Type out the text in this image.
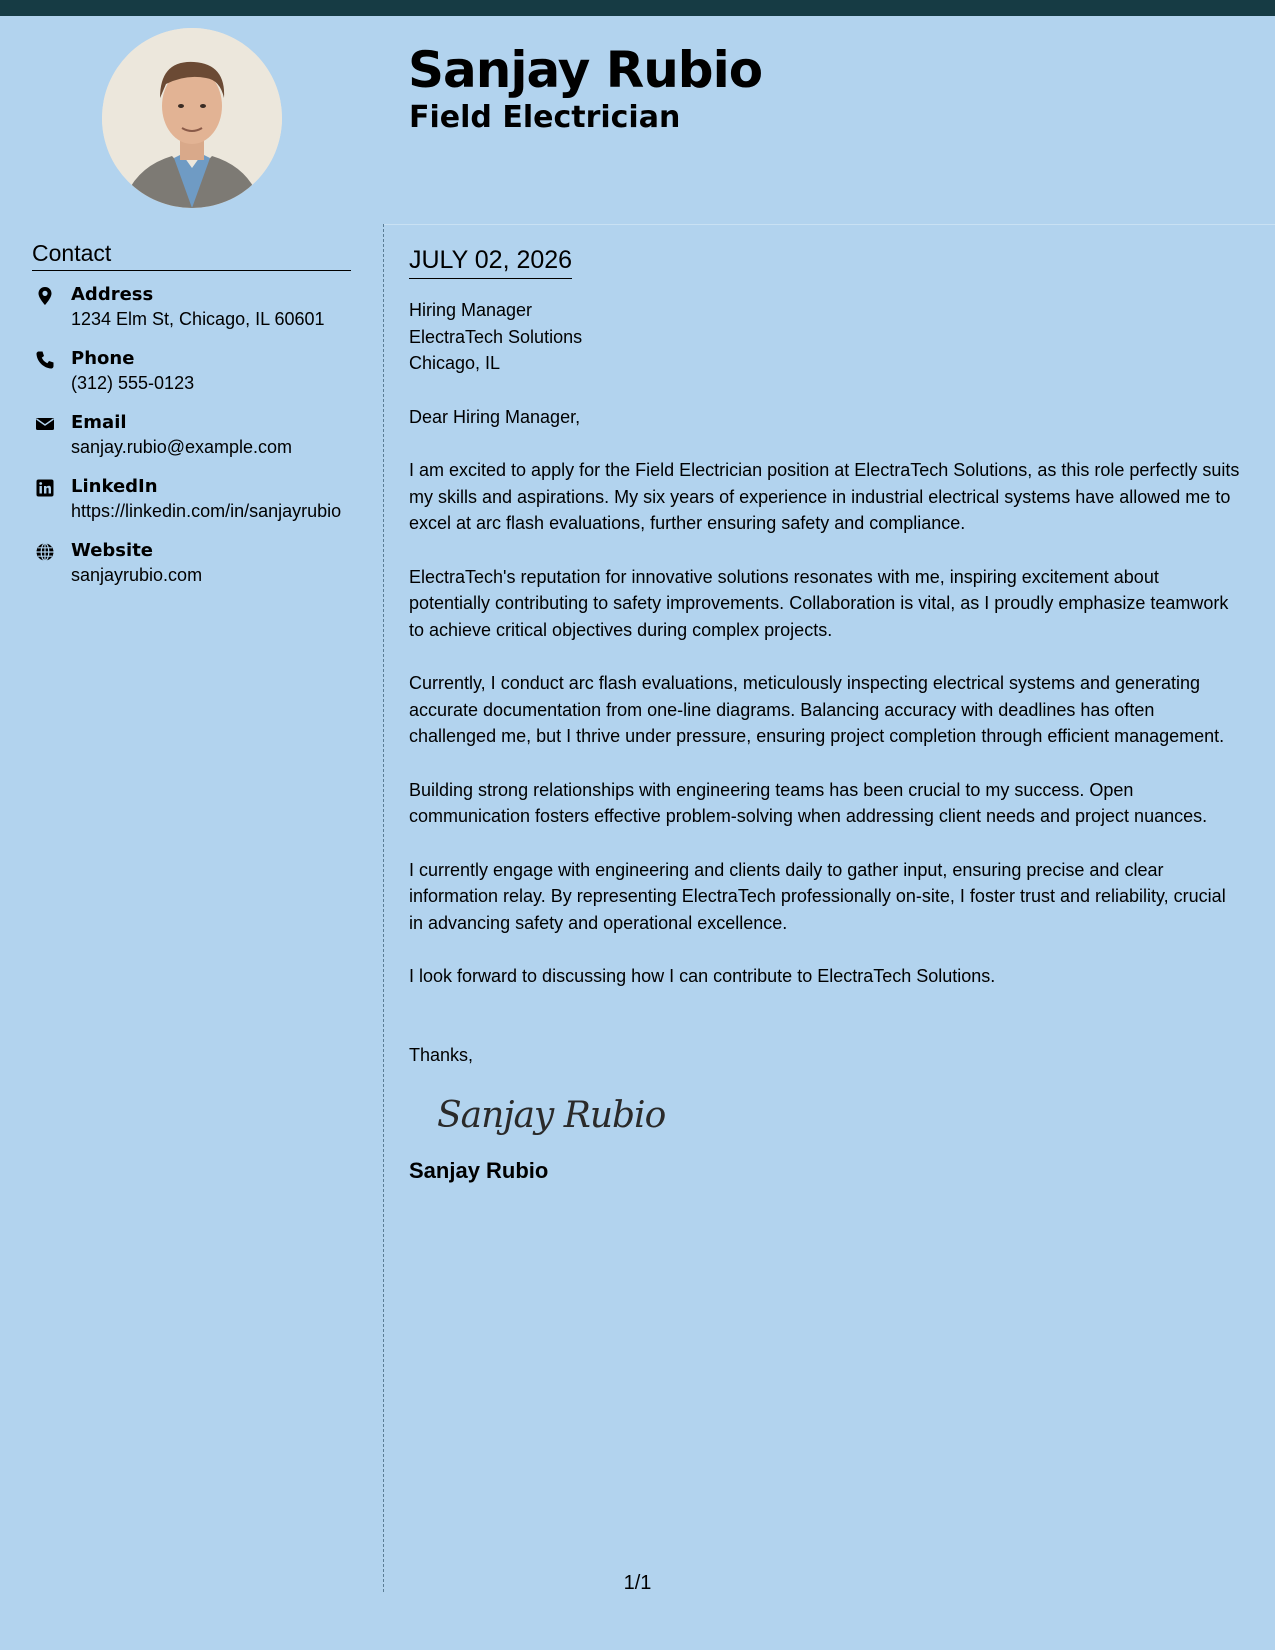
Sanjay Rubio
Field Electrician
Contact
Address
1234 Elm St, Chicago, IL 60601
Phone
(312) 555-0123
Email
sanjay.rubio@example.com
LinkedIn
https://linkedin.com/in/sanjayrubio
Website
sanjayrubio.com
JULY 02, 2026
Hiring Manager
ElectraTech Solutions
Chicago, IL
Dear Hiring Manager,

I am excited to apply for the Field Electrician position at ElectraTech Solutions, as this role perfectly suits my skills and aspirations. My six years of experience in industrial electrical systems have allowed me to excel at arc flash evaluations, further ensuring safety and compliance.

ElectraTech's reputation for innovative solutions resonates with me, inspiring excitement about potentially contributing to safety improvements. Collaboration is vital, as I proudly emphasize teamwork to achieve critical objectives during complex projects.

Currently, I conduct arc flash evaluations, meticulously inspecting electrical systems and generating accurate documentation from one-line diagrams. Balancing accuracy with deadlines has often challenged me, but I thrive under pressure, ensuring project completion through efficient management.

Building strong relationships with engineering teams has been crucial to my success. Open communication fosters effective problem-solving when addressing client needs and project nuances.

I currently engage with engineering and clients daily to gather input, ensuring precise and clear information relay. By representing ElectraTech professionally on-site, I foster trust and reliability, crucial in advancing safety and operational excellence.

I look forward to discussing how I can contribute to ElectraTech Solutions.

Thanks,
Sanjay Rubio
Sanjay Rubio
1/1
